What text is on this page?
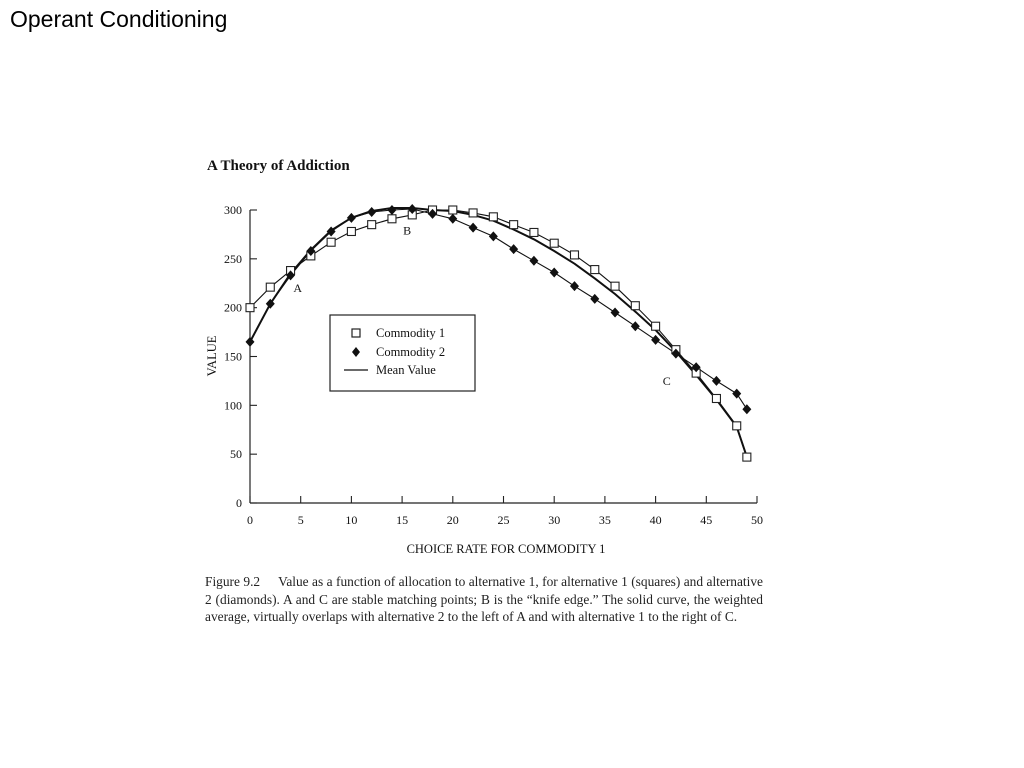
Operant Conditioning
A Theory of Addiction
0
50
100
150
200
250
300
0	5	10	15	20	25	30	35	40	45	50
A
B
C
Commodity 1
Commodity 2
Mean Value
CHOICE RATE FOR COMMODITY 1
VALUE
Figure 9.2 Value as a function of allocation to alternative 1, for alternative 1 (squares) and alternative 2 (diamonds). A and C are stable matching points; B is the “knife edge.” The solid curve, the weighted average, virtually overlaps with alternative 2 to the left of A and with alternative 1 to the right of C.
